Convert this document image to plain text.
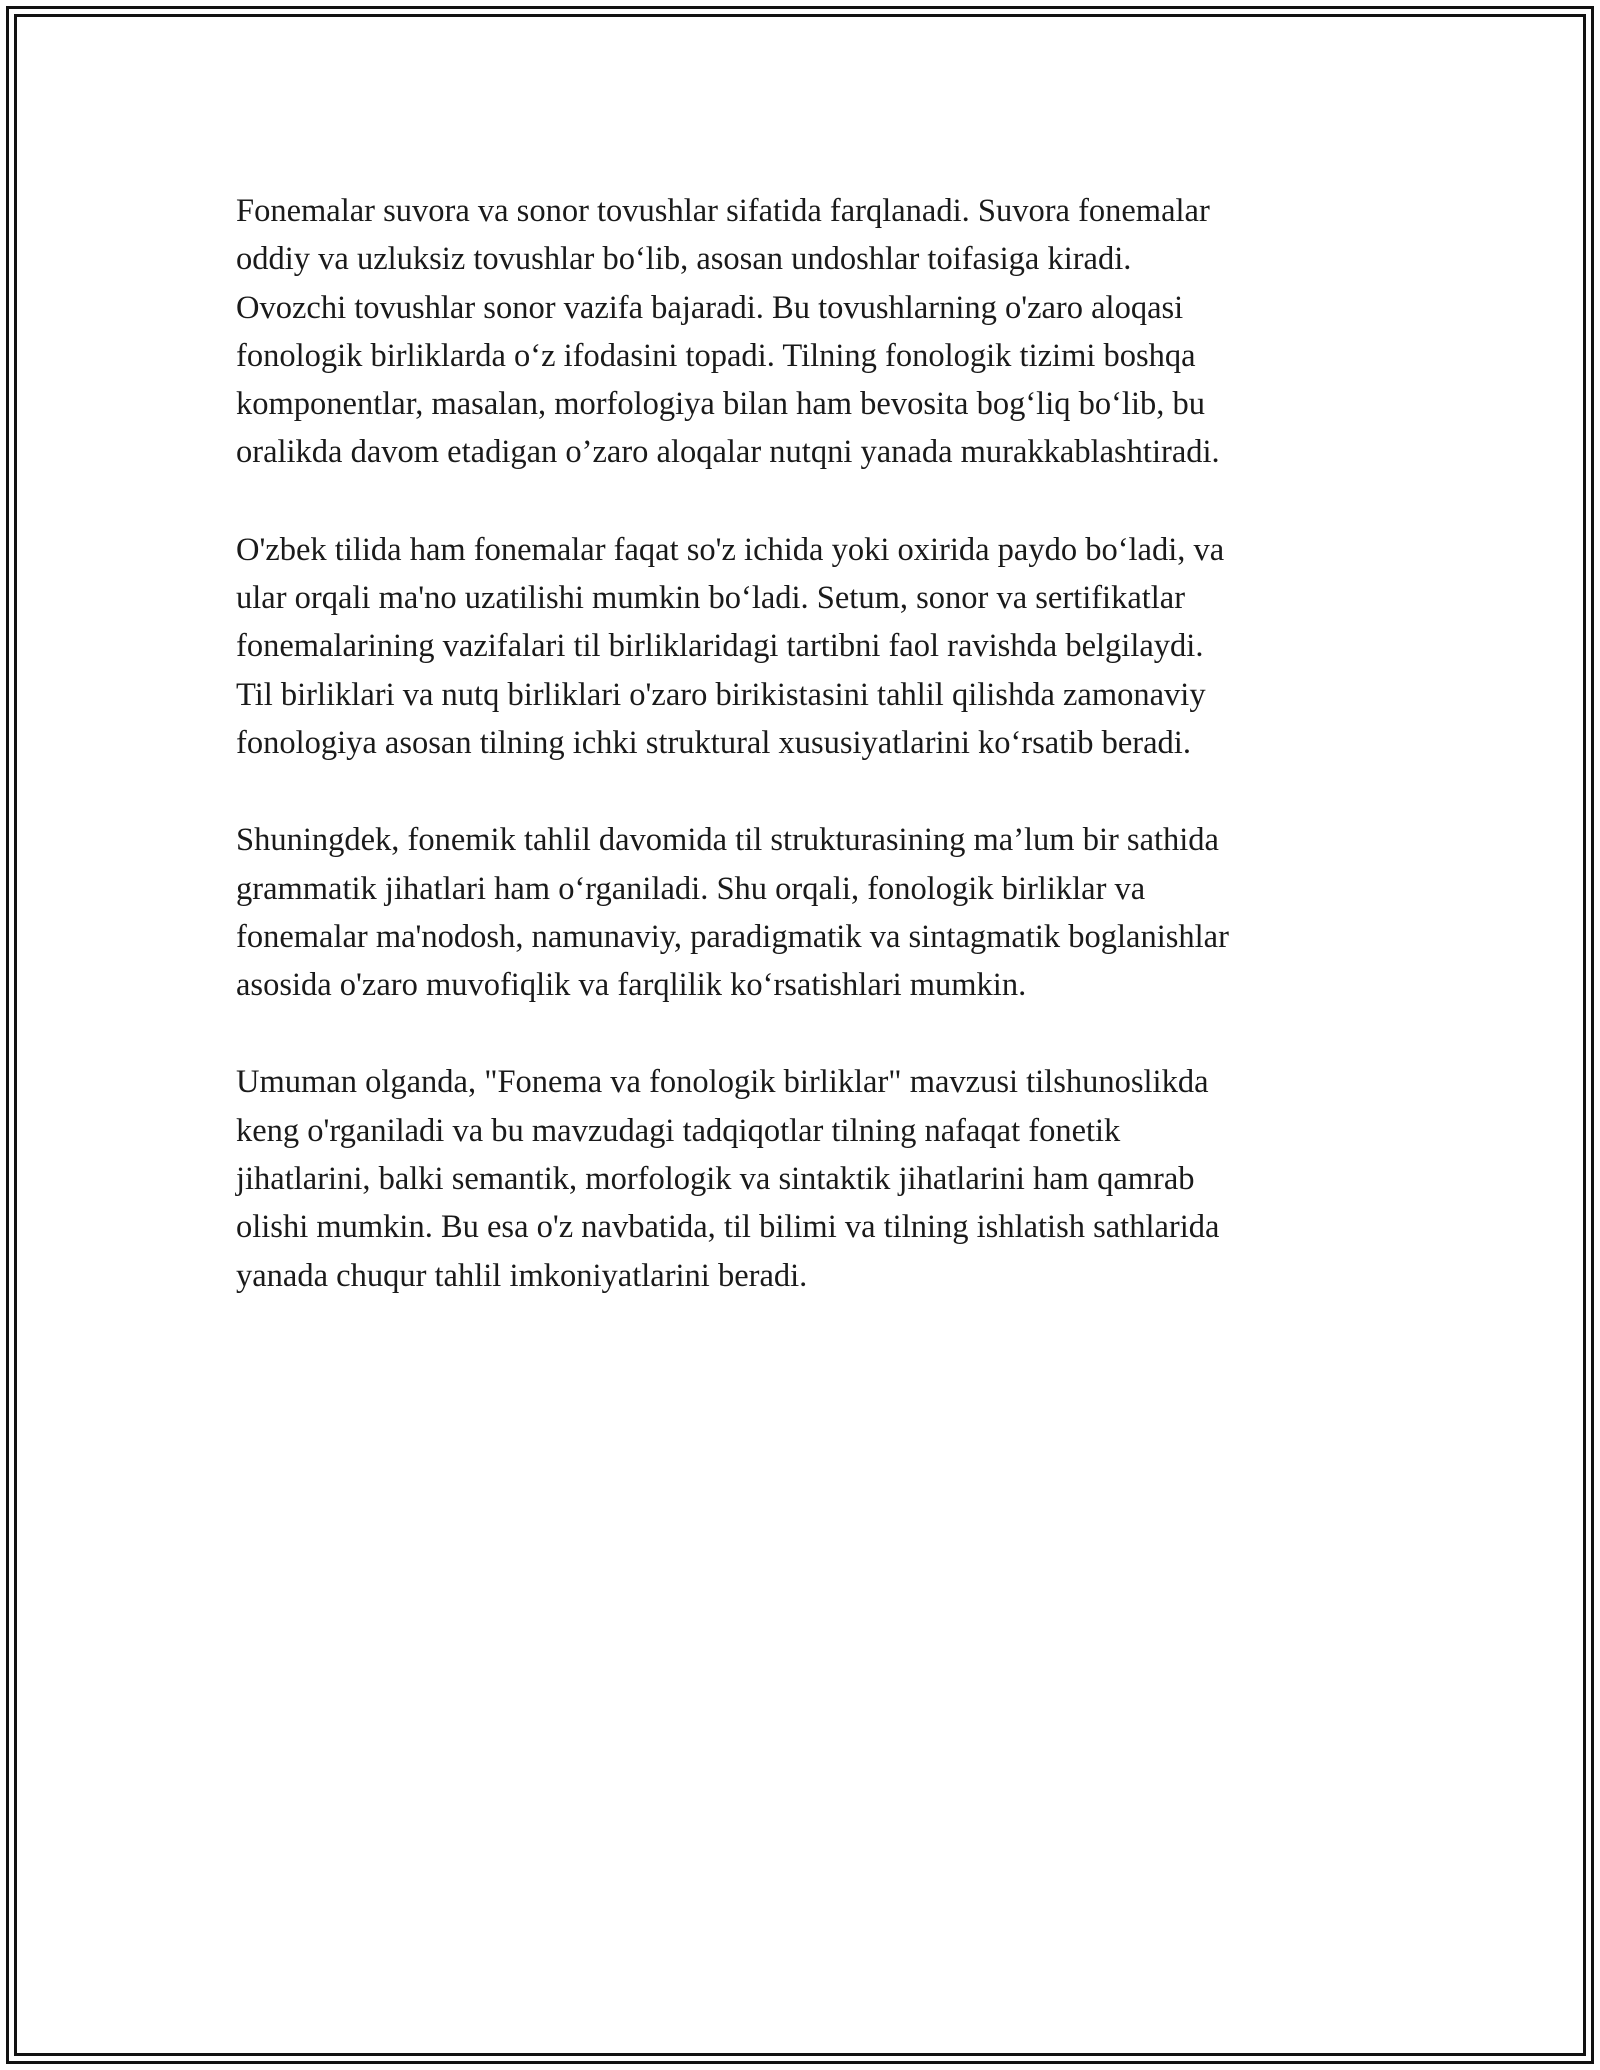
Fonemalar suvora va sonor tovushlar sifatida farqlanadi. Suvora fonemalar
oddiy va uzluksiz tovushlar bo‘lib, asosan undoshlar toifasiga kiradi.
Ovozchi tovushlar sonor vazifa bajaradi. Bu tovushlarning o'zaro aloqasi
fonologik birliklarda o‘z ifodasini topadi. Tilning fonologik tizimi boshqa
komponentlar, masalan, morfologiya bilan ham bevosita bog‘liq bo‘lib, bu
oralikda davom etadigan o’zaro aloqalar nutqni yanada murakkablashtiradi.

O'zbek tilida ham fonemalar faqat so'z ichida yoki oxirida paydo bo‘ladi, va
ular orqali ma'no uzatilishi mumkin bo‘ladi. Setum, sonor va sertifikatlar
fonemalarining vazifalari til birliklaridagi tartibni faol ravishda belgilaydi.
Til birliklari va nutq birliklari o'zaro birikistasini tahlil qilishda zamonaviy
fonologiya asosan tilning ichki struktural xususiyatlarini ko‘rsatib beradi.

Shuningdek, fonemik tahlil davomida til strukturasining ma’lum bir sathida
grammatik jihatlari ham o‘rganiladi. Shu orqali, fonologik birliklar va
fonemalar ma'nodosh, namunaviy, paradigmatik va sintagmatik boglanishlar
asosida o'zaro muvofiqlik va farqlilik ko‘rsatishlari mumkin.

Umuman olganda, "Fonema va fonologik birliklar" mavzusi tilshunoslikda
keng o'rganiladi va bu mavzudagi tadqiqotlar tilning nafaqat fonetik
jihatlarini, balki semantik, morfologik va sintaktik jihatlarini ham qamrab
olishi mumkin. Bu esa o'z navbatida, til bilimi va tilning ishlatish sathlarida
yanada chuqur tahlil imkoniyatlarini beradi.
